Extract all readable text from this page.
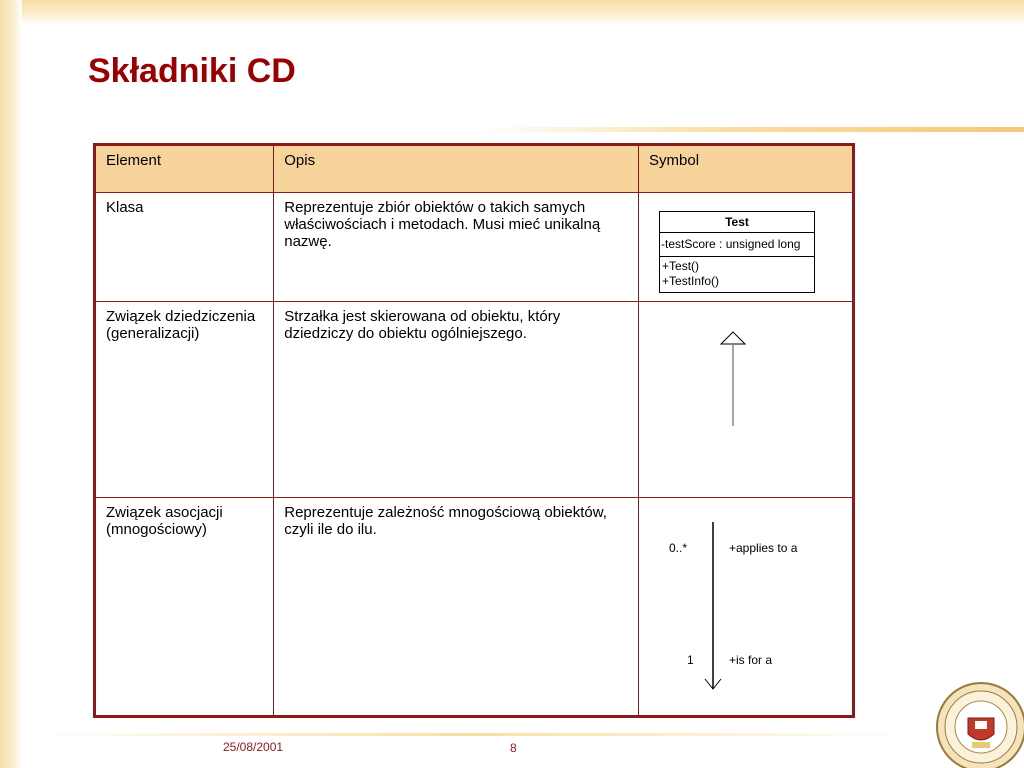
Składniki CD
Element	Opis	Symbol
Klasa	Reprezentuje zbiór obiektów o takich samych właściwościach i metodach. Musi mieć unikalną nazwę.	Test
-testScore : unsigned long
+Test()
+TestInfo()

Związek dziedziczenia (generalizacji)	Strzałka jest skierowana od obiektu, który dziedziczy do obiektu ogólniejszego.	
Związek asocjacji (mnogościowy)	Reprezentuje zależność mnogościową obiektów, czyli ile do ilu.	0..* +applies to a
1 +is for a
25/08/2001	8
